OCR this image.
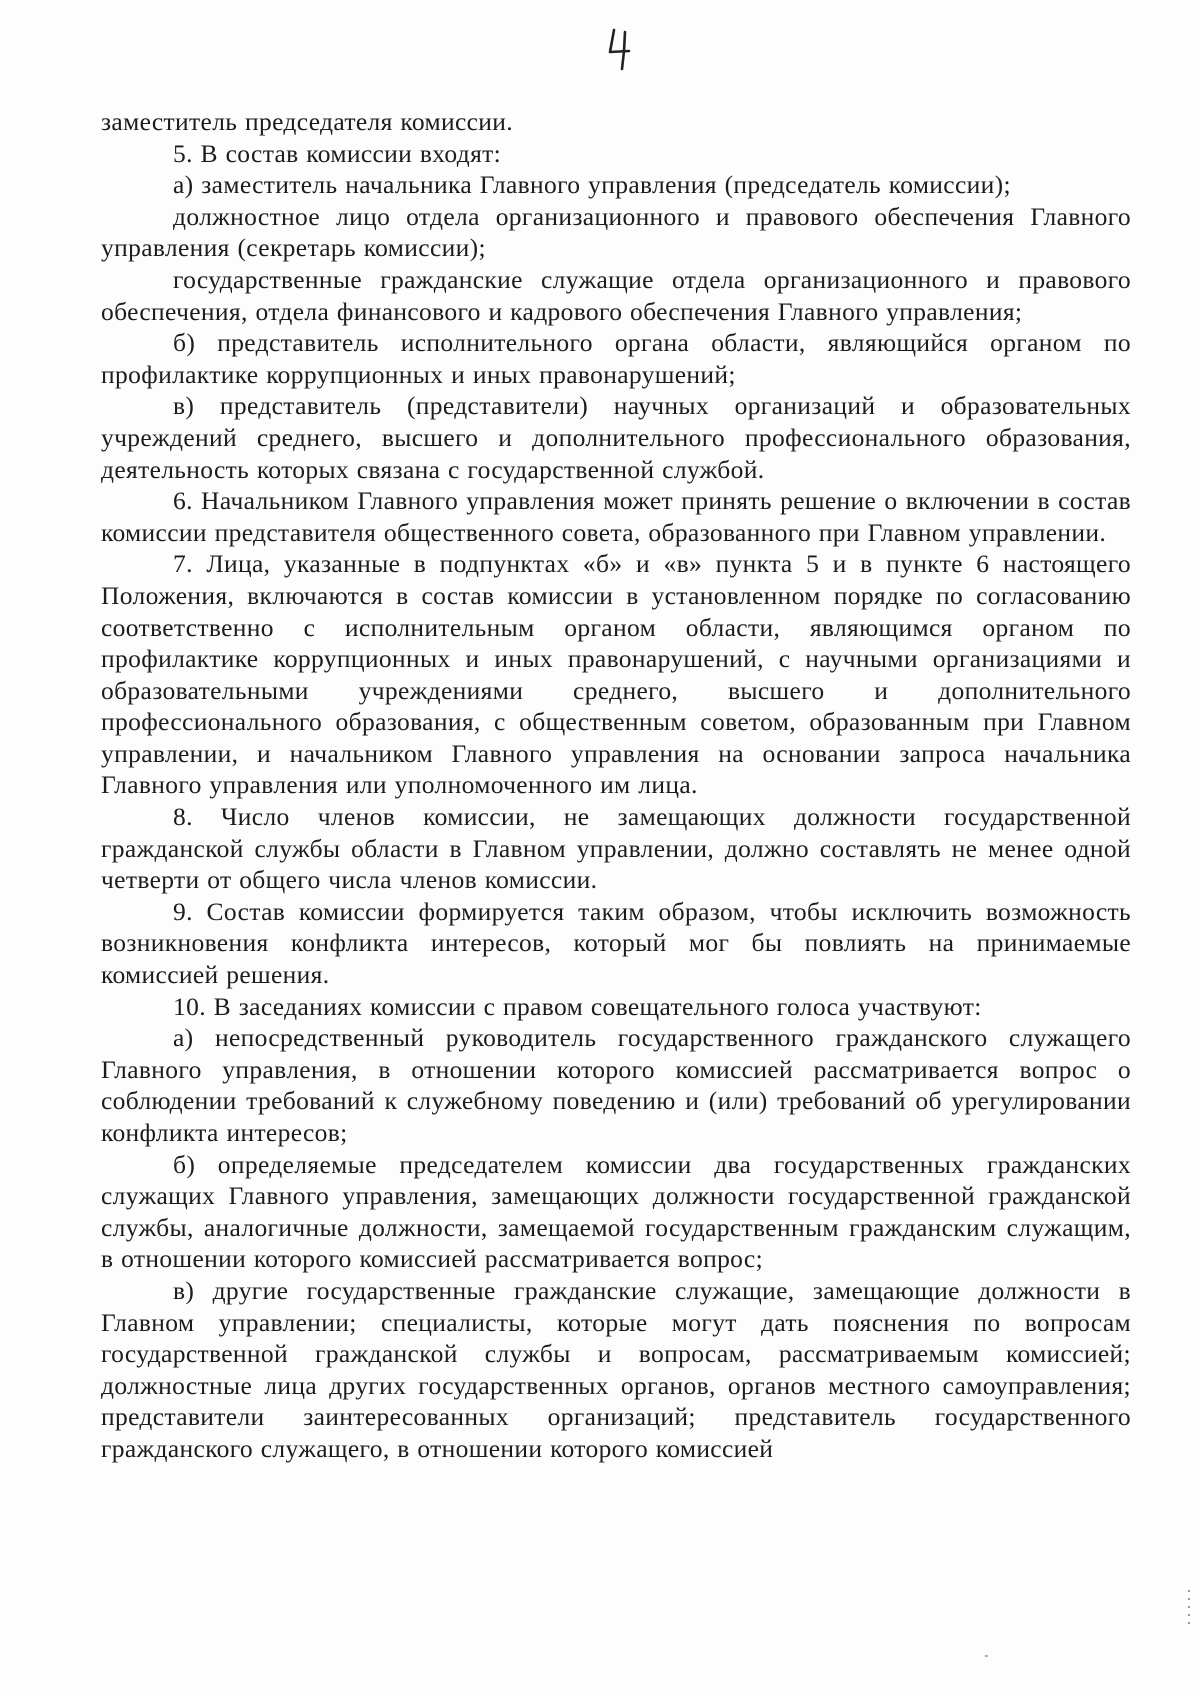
заместитель председателя комиссии.

5. В состав комиссии входят:

а) заместитель начальника Главного управления (председатель комиссии);

должностное лицо отдела организационного и правового обеспечения Главного управления (секретарь комиссии);

государственные гражданские служащие отдела организационного и правового обеспечения, отдела финансового и кадрового обеспечения Главного управления;

б) представитель исполнительного органа области, являющийся органом по профилактике коррупционных и иных правонарушений;

в) представитель (представители) научных организаций и образовательных учреждений среднего, высшего и дополнительного профессионального образования, деятельность которых связана с государственной службой.

6. Начальником Главного управления может принять решение о включении в состав комиссии представителя общественного совета, образованного при Главном управлении.

7. Лица, указанные в подпунктах «б» и «в» пункта 5 и в пункте 6 настоящего Положения, включаются в состав комиссии в установленном порядке по согласованию соответственно с исполнительным органом области, являющимся органом по профилактике коррупционных и иных правонарушений, с научными организациями и образовательными учреждениями среднего, высшего и дополнительного профессионального образования, с общественным советом, образованным при Главном управлении, и начальником Главного управления на основании запроса начальника Главного управления или уполномоченного им лица.

8. Число членов комиссии, не замещающих должности государственной гражданской службы области в Главном управлении, должно составлять не менее одной четверти от общего числа членов комиссии.

9. Состав комиссии формируется таким образом, чтобы исключить возможность возникновения конфликта интересов, который мог бы повлиять на принимаемые комиссией решения.

10. В заседаниях комиссии с правом совещательного голоса участвуют:

а) непосредственный руководитель государственного гражданского служащего Главного управления, в отношении которого комиссией рассматривается вопрос о соблюдении требований к служебному поведению и (или) требований об урегулировании конфликта интересов;

б) определяемые председателем комиссии два государственных гражданских служащих Главного управления, замещающих должности государственной гражданской службы, аналогичные должности, замещаемой государственным гражданским служащим, в отношении которого комиссией рассматривается вопрос;

в) другие государственные гражданские служащие, замещающие должности в Главном управлении; специалисты, которые могут дать пояснения по вопросам государственной гражданской службы и вопросам, рассматриваемым комиссией; должностные лица других государственных органов, органов местного самоуправления; представители заинтересованных организаций; представитель государственного гражданского служащего, в отношении которого комиссией
